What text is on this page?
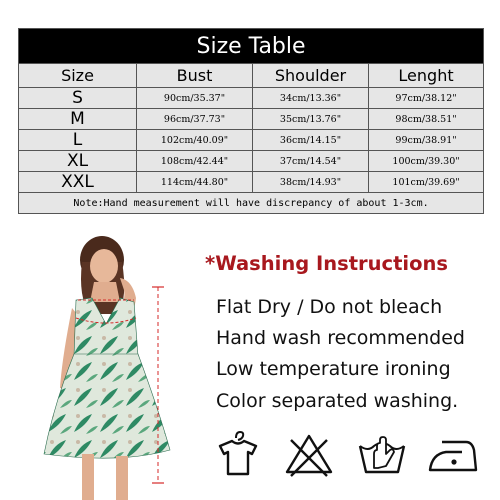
Size Table			
Size	Bust	Shoulder	Lenght
S	90cm/35.37"	34cm/13.36"	97cm/38.12"
M	96cm/37.73"	35cm/13.76"	98cm/38.51"
L	102cm/40.09"	36cm/14.15"	99cm/38.91"
XL	108cm/42.44"	37cm/14.54"	100cm/39.30"
XXL	114cm/44.80"	38cm/14.93"	101cm/39.69"
Note:Hand measurement will have discrepancy of about 1-3cm.			
*Washing Instructions
Flat Dry / Do not bleach
Hand wash recommended
Low temperature ironing
Color separated washing.
